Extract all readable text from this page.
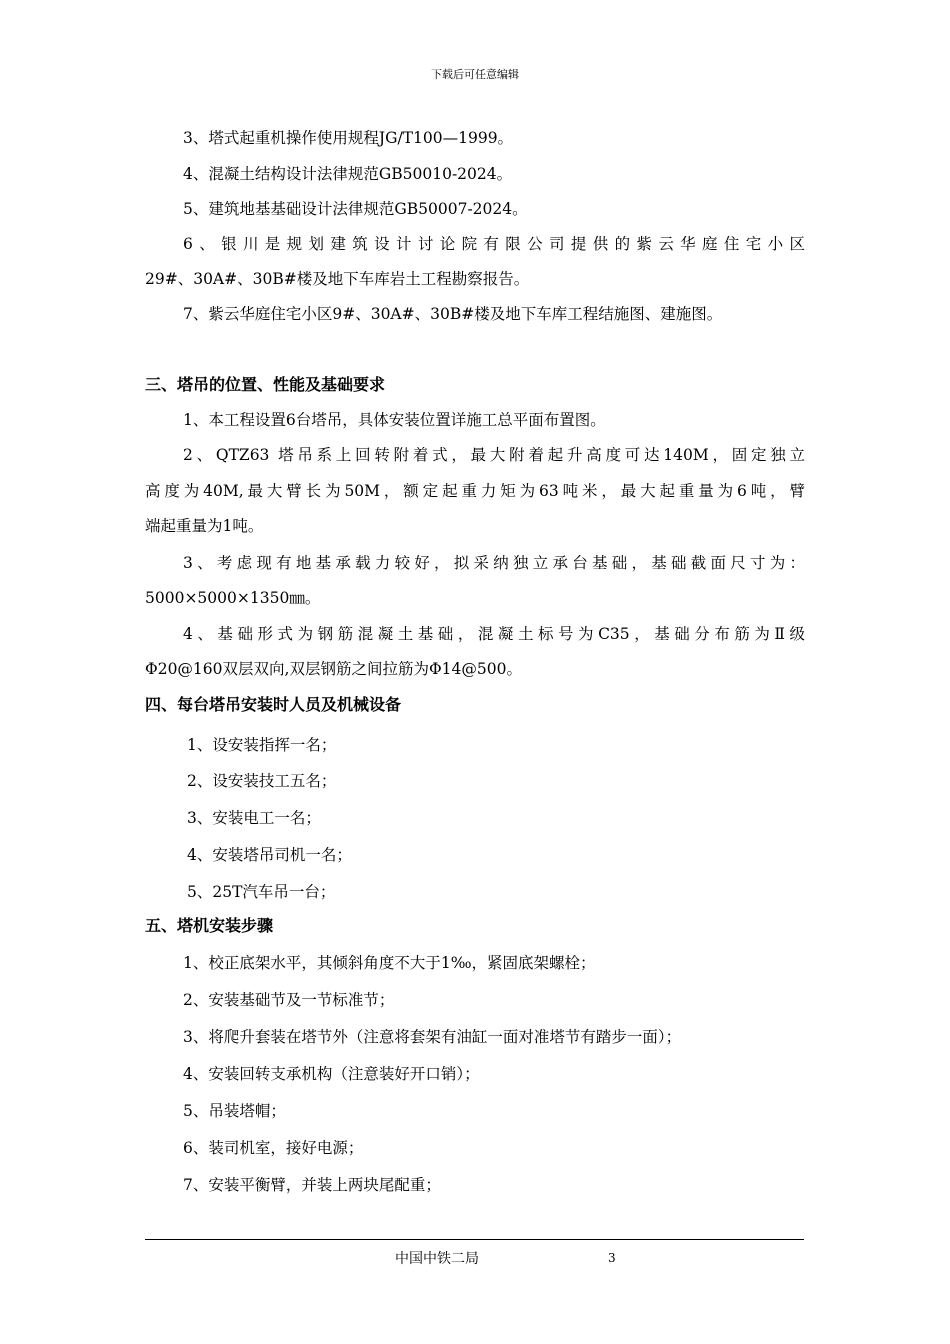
下载后可任意编辑
3、塔式起重机操作使用规程JG/T100—1999。
4、混凝土结构设计法律规范GB50010-2024。
5、建筑地基基础设计法律规范GB50007-2024。
6、银川是规划建筑设计讨论院有限公司提供的紫云华庭住宅小区
29#、30A#、30B#楼及地下车库岩土工程勘察报告。
7、紫云华庭住宅小区9#、30A#、30B#楼及地下车库工程结施图、建施图。
三、塔吊的位置、性能及基础要求
1、本工程设置6台塔吊，具体安装位置详施工总平面布置图。
2、QTZ63 塔吊系上回转附着式，最大附着起升高度可达140M，固定独立
高度为40M,最大臂长为50M，额定起重力矩为63吨米，最大起重量为6吨，臂
端起重量为1吨。
3、考虑现有地基承载力较好，拟采纳独立承台基础，基础截面尺寸为：
5000×5000×1350㎜。
4、基础形式为钢筋混凝土基础，混凝土标号为C35，基础分布筋为Ⅱ级
Φ20@160双层双向,双层钢筋之间拉筋为Φ14@500。
四、每台塔吊安装时人员及机械设备
1、设安装指挥一名；
2、设安装技工五名；
3、安装电工一名；
4、安装塔吊司机一名；
5、25T汽车吊一台；
五、塔机安装步骤
1、校正底架水平，其倾斜角度不大于1‰，紧固底架螺栓；
2、安装基础节及一节标准节；
3、将爬升套装在塔节外（注意将套架有油缸一面对准塔节有踏步一面）；
4、安装回转支承机构（注意装好开口销）；
5、吊装塔帽；
6、装司机室，接好电源；
7、安装平衡臂，并装上两块尾配重；
中国中铁二局	3
